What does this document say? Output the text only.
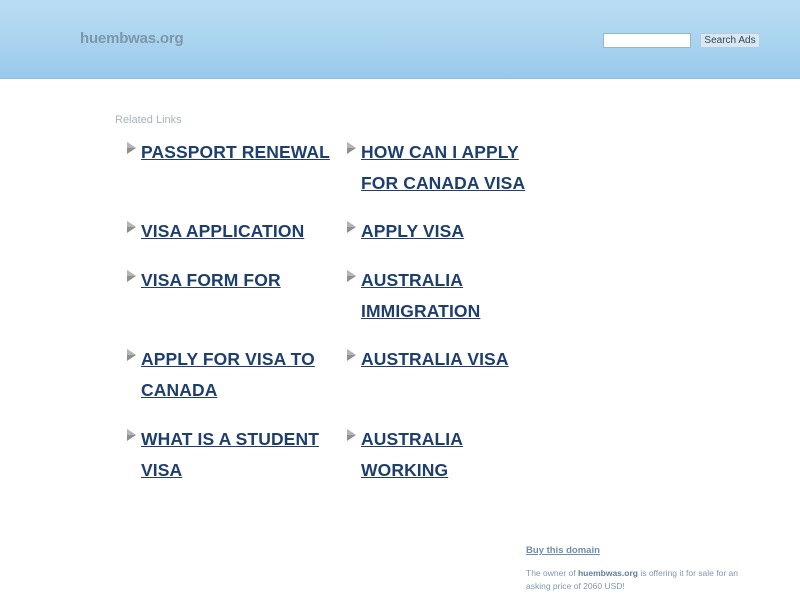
huembwas.org	Search Ads
Related Links
PASSPORT RENEWAL
VISA APPLICATION
VISA FORM FOR
APPLY FOR VISA TO CANADA
WHAT IS A STUDENT VISA
HOW CAN I APPLY FOR CANADA VISA
APPLY VISA
AUSTRALIA IMMIGRATION
AUSTRALIA VISA
AUSTRALIA WORKING
Buy this domain
The owner of huembwas.org is offering it for sale for an asking price of 2060 USD!
